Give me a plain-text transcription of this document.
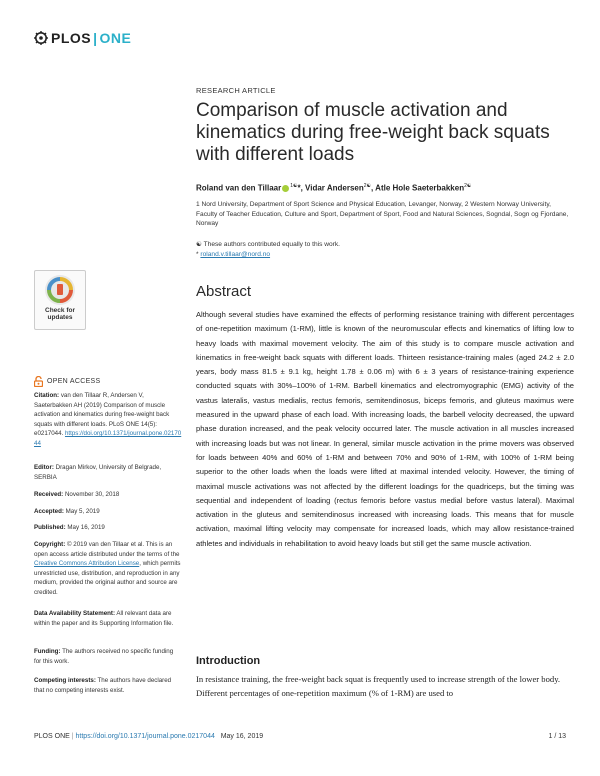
PLOS | ONE
RESEARCH ARTICLE
Comparison of muscle activation and kinematics during free-weight back squats with different loads
Roland van den Tillaar $^{1☯}$*, Vidar Andersen$^{2☯}$, Atle Hole Saeterbakken$^{2☯}$
1 Nord University, Department of Sport Science and Physical Education, Levanger, Norway, 2 Western Norway University, Faculty of Teacher Education, Culture and Sport, Department of Sport, Food and Natural Sciences, Sogndal, Sogn og Fjordane, Norway
☯ These authors contributed equally to this work.
* roland.v.tillaar@nord.no
Check for
updates
OPEN ACCESS
Citation: van den Tillaar R, Andersen V, Saeterbakken AH (2019) Comparison of muscle activation and kinematics during free-weight back squats with different loads. PLoS ONE 14(5): e0217044. https://doi.org/10.1371/journal.pone.0217044
Editor: Dragan Mirkov, University of Belgrade, SERBIA
Received: November 30, 2018
Accepted: May 5, 2019
Published: May 16, 2019
Copyright: © 2019 van den Tillaar et al. This is an open access article distributed under the terms of the Creative Commons Attribution License, which permits unrestricted use, distribution, and reproduction in any medium, provided the original author and source are credited.
Data Availability Statement: All relevant data are within the paper and its Supporting Information file.
Funding: The authors received no specific funding for this work.
Competing interests: The authors have declared that no competing interests exist.
Abstract

Although several studies have examined the effects of performing resistance training with different percentages of one-repetition maximum (1-RM), little is known of the neuromuscular effects and kinematics of lifting low to heavy loads with maximal movement velocity. The aim of this study is to compare muscle activation and kinematics in free-weight back squats with different loads. Thirteen resistance-training males (aged 24.2 ± 2.0 years, body mass 81.5 ± 9.1 kg, height 1.78 ± 0.06 m) with 6 ± 3 years of resistance-training experience conducted squats with 30%–100% of 1-RM. Barbell kinematics and electromyographic (EMG) activity of the vastus lateralis, vastus medialis, rectus femoris, semitendinosus, biceps femoris, and gluteus maximus were measured in the upward phase of each load. With increasing loads, the barbell velocity decreased, the upward phase duration increased, and the peak velocity occurred later. The muscle activation in all muscles increased with increasing loads but was not linear. In general, similar muscle activation in the prime movers was observed for loads between 40% and 60% of 1-RM and between 70% and 90% of 1-RM, with 100% of 1-RM being superior to the other loads when the loads were lifted at maximal intended velocity. However, the timing of maximal muscle activations was not affected by the different loadings for the quadriceps, but the timing was sequential and independent of loading (rectus femoris before vastus medial before vastus lateral). Maximal activation in the gluteus and semitendinosus increased with increasing loads. This means that for muscle activation, maximal lifting velocity may compensate for increased loads, which may allow resistance-trained athletes and individuals in rehabilitation to avoid heavy loads but still get the same muscle activation.

Introduction

In resistance training, the free-weight back squat is frequently used to increase strength of the lower body. Different percentages of one-repetition maximum (% of 1-RM) are used to

PLOS ONE | https://doi.org/10.1371/journal.pone.0217044 May 16, 2019	1 / 13
